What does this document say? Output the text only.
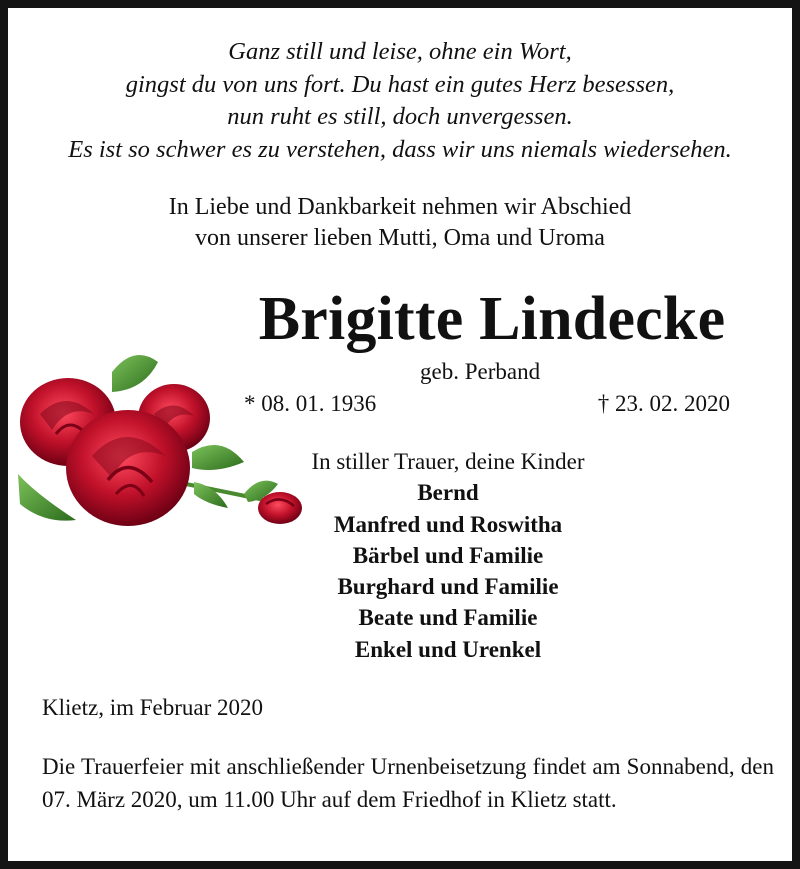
Ganz still und leise, ohne ein Wort,
gingst du von uns fort. Du hast ein gutes Herz besessen,
nun ruht es still, doch unvergessen.
Es ist so schwer es zu verstehen, dass wir uns niemals wiedersehen.
In Liebe und Dankbarkeit nehmen wir Abschied
von unserer lieben Mutti, Oma und Uroma
Brigitte Lindecke
geb. Perband
* 08. 01. 1936	† 23. 02. 2020
In stiller Trauer, deine Kinder
Bernd
Manfred und Roswitha
Bärbel und Familie
Burghard und Familie
Beate und Familie
Enkel und Urenkel
Klietz, im Februar 2020
Die Trauerfeier mit anschließender Urnenbeisetzung findet am Sonnabend, den 07. März 2020, um 11.00 Uhr auf dem Friedhof in Klietz statt.
